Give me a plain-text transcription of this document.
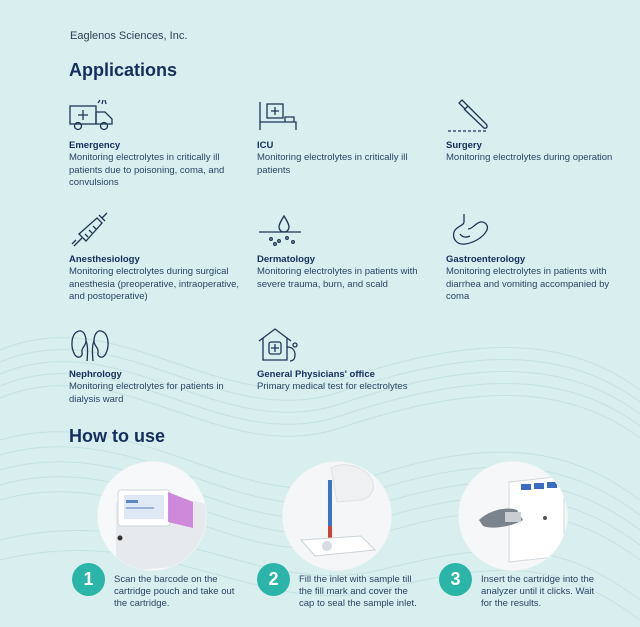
Eaglenos Sciences, Inc.
Applications
Emergency
Monitoring electrolytes in critically ill patients due to poisoning, coma, and convulsions
ICU
Monitoring electrolytes in critically ill patients
Surgery
Monitoring electrolytes during operation
Anesthesiology
Monitoring electrolytes during surgical anesthesia (preoperative, intraoperative, and postoperative)
Dermatology
Monitoring electrolytes in patients with severe trauma, burn, and scald
Gastroenterology
Monitoring electrolytes in patients with diarrhea and vomiting accompanied by coma
Nephrology
Monitoring electrolytes for patients in dialysis ward
General Physicians' office
Primary medical test for electrolytes
How to use
1	Scan the barcode on the cartridge pouch and take out the cartridge.
2	Fill the inlet with sample till the fill mark and cover the cap to seal the sample inlet.
3	Insert the cartridge into the analyzer until it clicks. Wait for the results.
